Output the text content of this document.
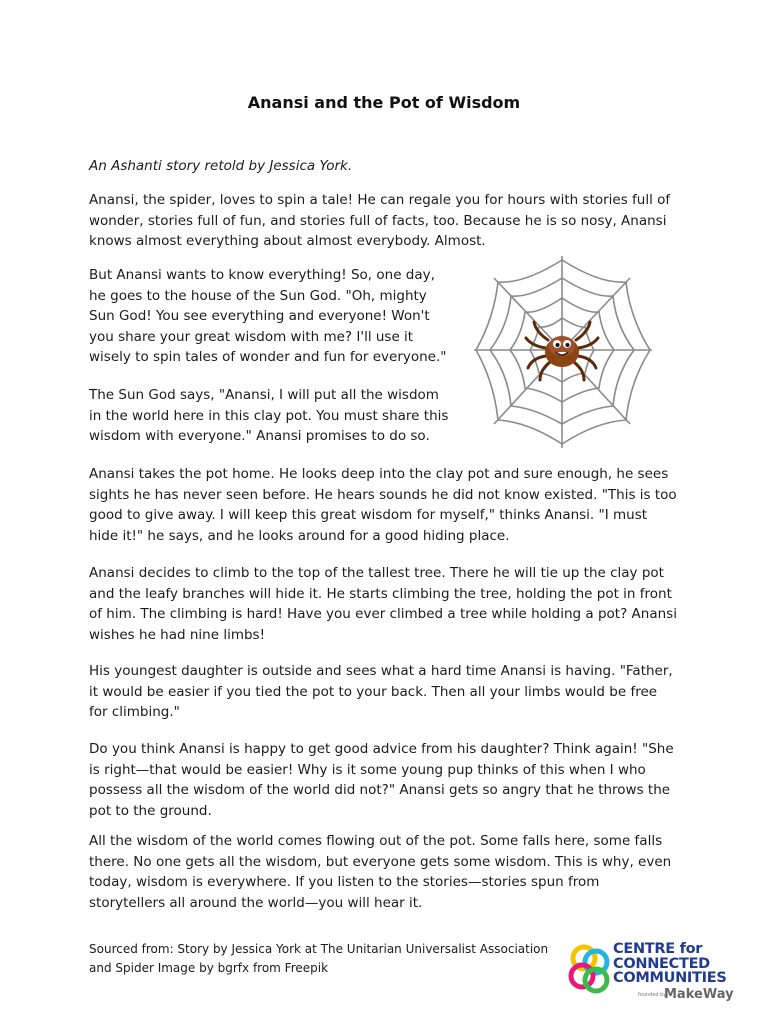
Anansi and the Pot of Wisdom

An Ashanti story retold by Jessica York.

Anansi, the spider, loves to spin a tale! He can regale you for hours with stories full of wonder, stories full of fun, and stories full of facts, too. Because he is so nosy, Anansi knows almost everything about almost everybody. Almost.

But Anansi wants to know everything! So, one day, he goes to the house of the Sun God. "Oh, mighty Sun God! You see everything and everyone! Won't you share your great wisdom with me? I'll use it wisely to spin tales of wonder and fun for everyone."

The Sun God says, "Anansi, I will put all the wisdom in the world here in this clay pot. You must share this wisdom with everyone." Anansi promises to do so.

Anansi takes the pot home. He looks deep into the clay pot and sure enough, he sees sights he has never seen before. He hears sounds he did not know existed. "This is too good to give away. I will keep this great wisdom for myself," thinks Anansi. "I must hide it!" he says, and he looks around for a good hiding place.

Anansi decides to climb to the top of the tallest tree. There he will tie up the clay pot and the leafy branches will hide it. He starts climbing the tree, holding the pot in front of him. The climbing is hard! Have you ever climbed a tree while holding a pot? Anansi wishes he had nine limbs!

His youngest daughter is outside and sees what a hard time Anansi is having. "Father, it would be easier if you tied the pot to your back. Then all your limbs would be free for climbing."

Do you think Anansi is happy to get good advice from his daughter? Think again! "She is right—that would be easier! Why is it some young pup thinks of this when I who possess all the wisdom of the world did not?" Anansi gets so angry that he throws the pot to the ground.

All the wisdom of the world comes flowing out of the pot. Some falls here, some falls there. No one gets all the wisdom, but everyone gets some wisdom. This is why, even today, wisdom is everywhere. If you listen to the stories—stories spun from storytellers all around the world—you will hear it.

Sourced from: Story by Jessica York at The Unitarian Universalist Association
and Spider Image by bgrfx from Freepik
CENTRE for
CONNECTED
COMMUNITIES
founded by
MakeWay
